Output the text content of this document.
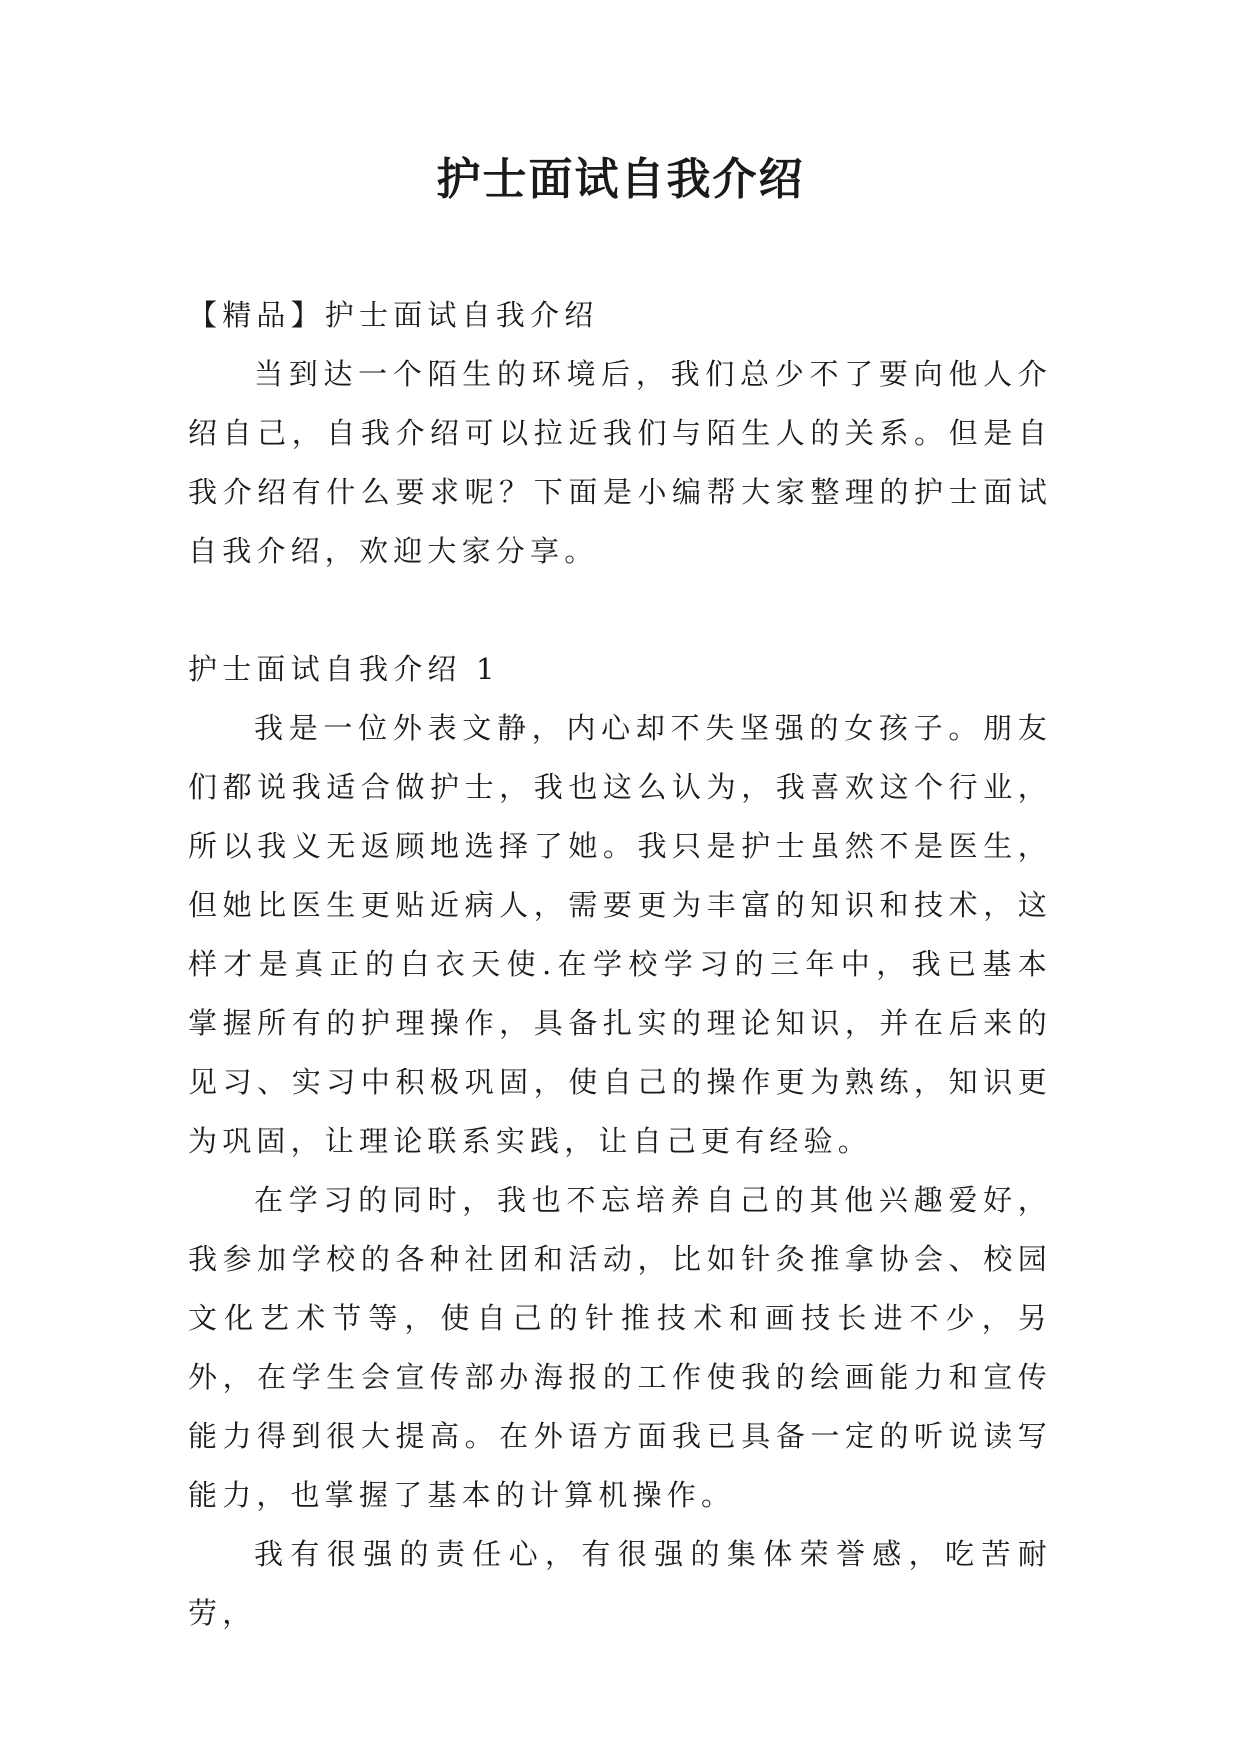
护士面试自我介绍

【精品】护士面试自我介绍

当到达一个陌生的环境后，我们总少不了要向他人介绍自己，自我介绍可以拉近我们与陌生人的关系。但是自我介绍有什么要求呢？下面是小编帮大家整理的护士面试自我介绍，欢迎大家分享。

护士面试自我介绍 1

我是一位外表文静，内心却不失坚强的女孩子。朋友们都说我适合做护士，我也这么认为，我喜欢这个行业，所以我义无返顾地选择了她。我只是护士虽然不是医生，但她比医生更贴近病人，需要更为丰富的知识和技术，这样才是真正的白衣天使.在学校学习的三年中，我已基本掌握所有的护理操作，具备扎实的理论知识，并在后来的见习、实习中积极巩固，使自己的操作更为熟练，知识更为巩固，让理论联系实践，让自己更有经验。

在学习的同时，我也不忘培养自己的其他兴趣爱好，我参加学校的各种社团和活动，比如针灸推拿协会、校园文化艺术节等，使自己的针推技术和画技长进不少，另外，在学生会宣传部办海报的工作使我的绘画能力和宣传能力得到很大提高。在外语方面我已具备一定的听说读写能力，也掌握了基本的计算机操作。

我有很强的责任心，有很强的集体荣誉感，吃苦耐劳，
